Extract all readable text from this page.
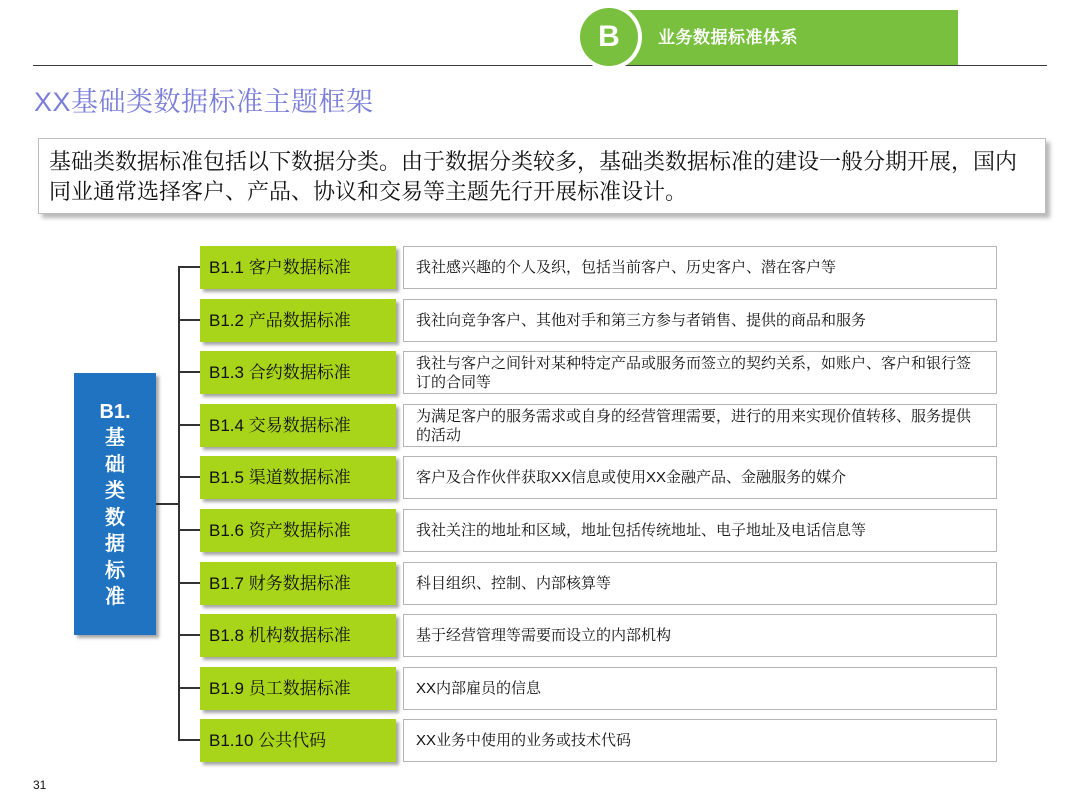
业务数据标准体系
B
XX基础类数据标准主题框架
基础类数据标准包括以下数据分类。由于数据分类较多，基础类数据标准的建设一般分期开展，国内同业通常选择客户、产品、协议和交易等主题先行开展标准设计。
B1.
基础类数据标准
B1.1 客户数据标准	我社感兴趣的个人及织，包括当前客户、历史客户、潜在客户等
B1.2 产品数据标准	我社向竞争客户、其他对手和第三方参与者销售、提供的商品和服务
B1.3 合约数据标准	我社与客户之间针对某种特定产品或服务而签立的契约关系，如账户、客户和银行签订的合同等
B1.4 交易数据标准	为满足客户的服务需求或自身的经营管理需要，进行的用来实现价值转移、服务提供的活动
B1.5 渠道数据标准	客户及合作伙伴获取XX信息或使用XX金融产品、金融服务的媒介
B1.6 资产数据标准	我社关注的地址和区域，地址包括传统地址、电子地址及电话信息等
B1.7 财务数据标准	科目组织、控制、内部核算等
B1.8 机构数据标准	基于经营管理等需要而设立的内部机构
B1.9 员工数据标准	XX内部雇员的信息
B1.10 公共代码	XX业务中使用的业务或技术代码
31
